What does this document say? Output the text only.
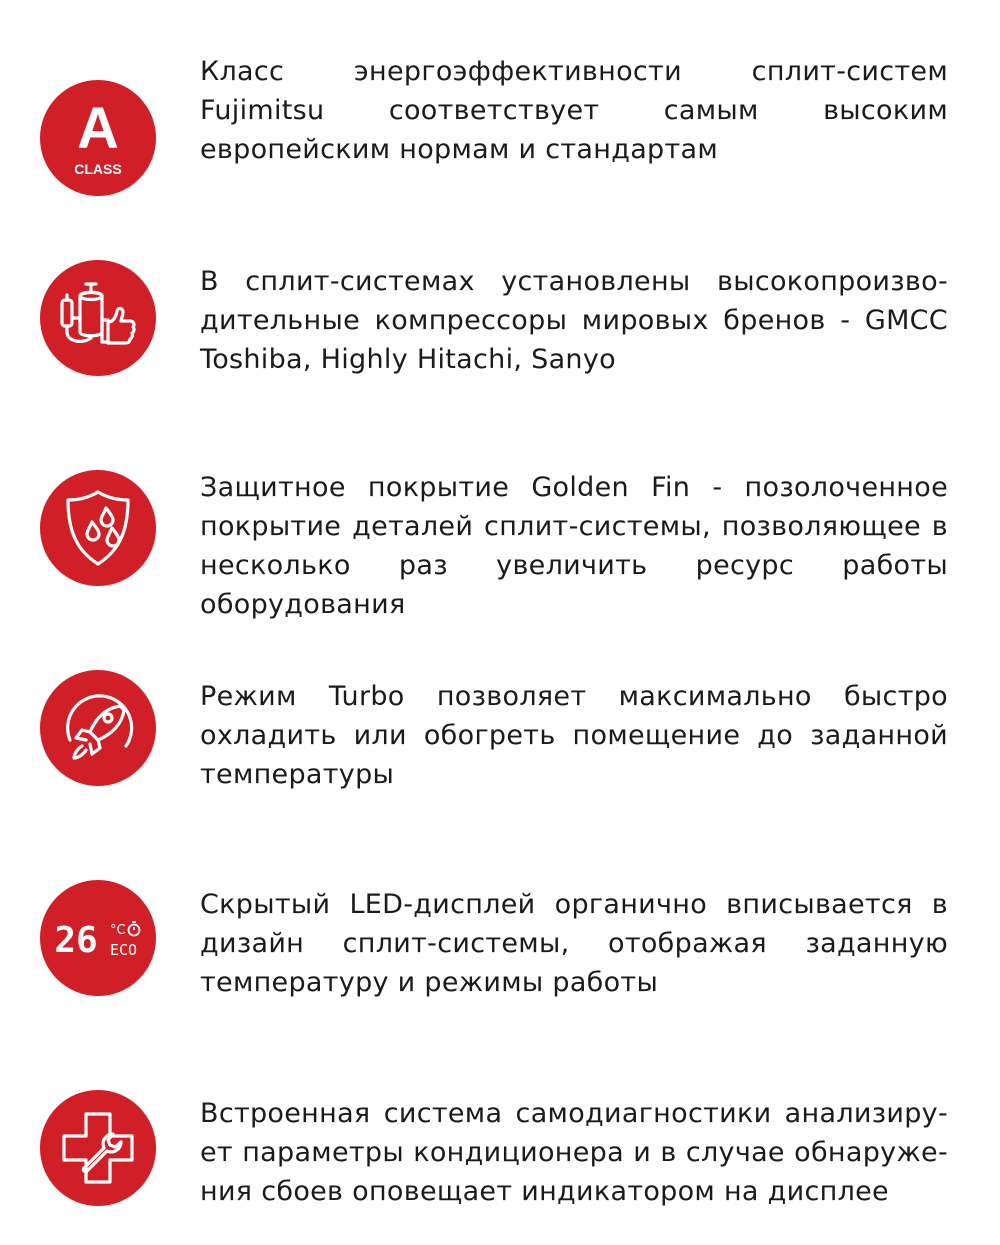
A
CLASS
Класс энергоэффективности сплит-систем Fujimitsu соответствует самым высоким европейским нормам и стандартам
В сплит-системах установлены высокопроизво-дительные компрессоры мировых бренов - GMCC Toshiba, Highly Hitachi, Sanyo
Защитное покрытие Golden Fin - позолоченное покрытие деталей сплит-системы, позволяющее в несколько раз увеличить ресурс работы оборудования
Режим Turbo позволяет максимально быстро охладить или обогреть помещение до заданной температуры
26 °C
ECO
Скрытый LED-дисплей органично вписывается в дизайн сплит-системы, отображая заданную температуру и режимы работы
Встроенная система самодиагностики анализиру-ет параметры кондиционера и в случае обнаруже-ния сбоев оповещает индикатором на дисплее
